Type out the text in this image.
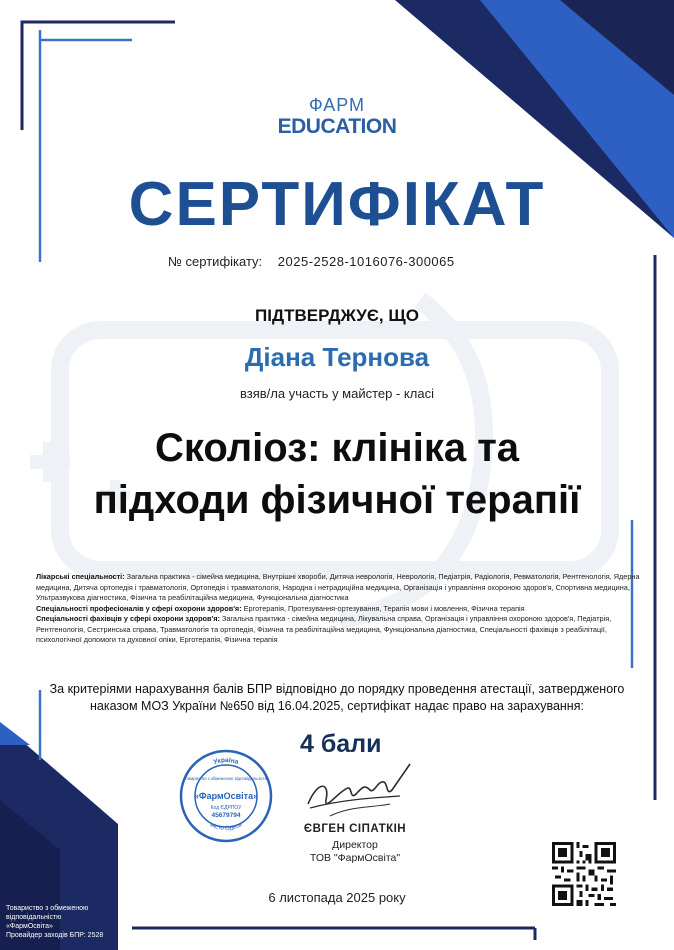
ФАРМ
EDUCATION
СЕРТИФІКАТ
№ сертифікату: 2025-2528-1016076-300065
ПІДТВЕРДЖУЄ, ЩО
Діана Тернова
взяв/ла участь у майстер - класі
Сколіоз: клініка та
підходи фізичної терапії
Лікарські спеціальності: Загальна практика - сімейна медицина, Внутрішні хвороби, Дитяча неврологія, Неврологія, Педіатрія, Радіологія, Ревматологія, Рентгенологія, Ядерна медицина, Дитяча ортопедія і травматологія, Ортопедія і травматологія, Народна і нетрадиційна медицина, Організація і управління охороною здоров'я, Спортивна медицина, Ультразвукова діагностика, Фізична та реабілітаційна медицина, Функціональна діагностика
Спеціальності професіоналів у сфері охорони здоров'я: Ерготерапія, Протезування-ортезування, Терапія мови і мовлення, Фізична терапія
Спеціальності фахівців у сфері охорони здоров'я: Загальна практика - сімейна медицина, Лікувальна справа, Організація і управління охороною здоров'я, Педіатрія, Рентгенологія, Сестринська справа, Травматологія та ортопедія, Фізична та реабілітаційна медицина, Функціональна діагностика, Спеціальності фахівців з реабілітації, психологічної допомоги та духовної опіки, Ерготерапія, Фізична терапія
За критеріями нарахування балів БПР відповідно до порядку проведення атестації, затвердженого
наказом МОЗ України №650 від 16.04.2025, сертифікат надає право на зарахування:
4 бали
Україна
місто Одеса
Товариство з обмеженою відповідальністю
«ФармОсвіта»
Код ЄДРПОУ
45679794
ЄВГЕН СІПАТКІН
Директор
ТОВ "ФармОсвіта"
6 листопада 2025 року
Товариство з обмеженою
відповідальністю
«ФармОсвіта»
Провайдер заходів БПР: 2528
